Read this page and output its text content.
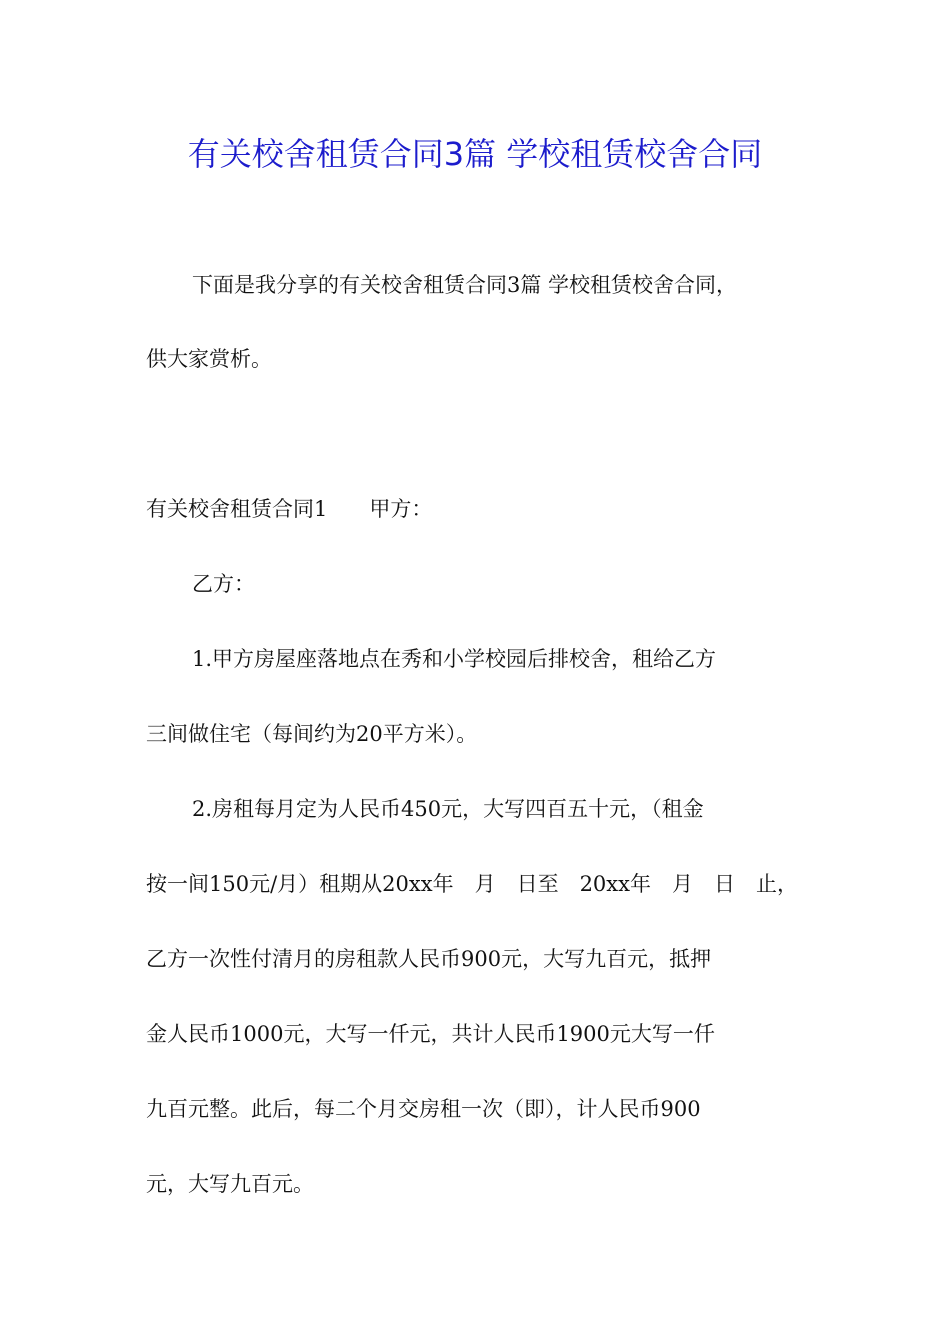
有关校舍租赁合同3篇 学校租赁校舍合同

下面是我分享的有关校舍租赁合同3篇 学校租赁校舍合同，

供大家赏析。

有关校舍租赁合同1　　甲方：

乙方：

1.甲方房屋座落地点在秀和小学校园后排校舍，租给乙方

三间做住宅（每间约为20平方米）。

2.房租每月定为人民币450元，大写四百五十元，（租金

按一间150元/月）租期从20xx年　月　日至　20xx年　月　日　止，

乙方一次性付清月的房租款人民币900元，大写九百元，抵押

金人民币1000元，大写一仟元，共计人民币1900元大写一仟

九百元整。此后，每二个月交房租一次（即），计人民币900

元，大写九百元。
